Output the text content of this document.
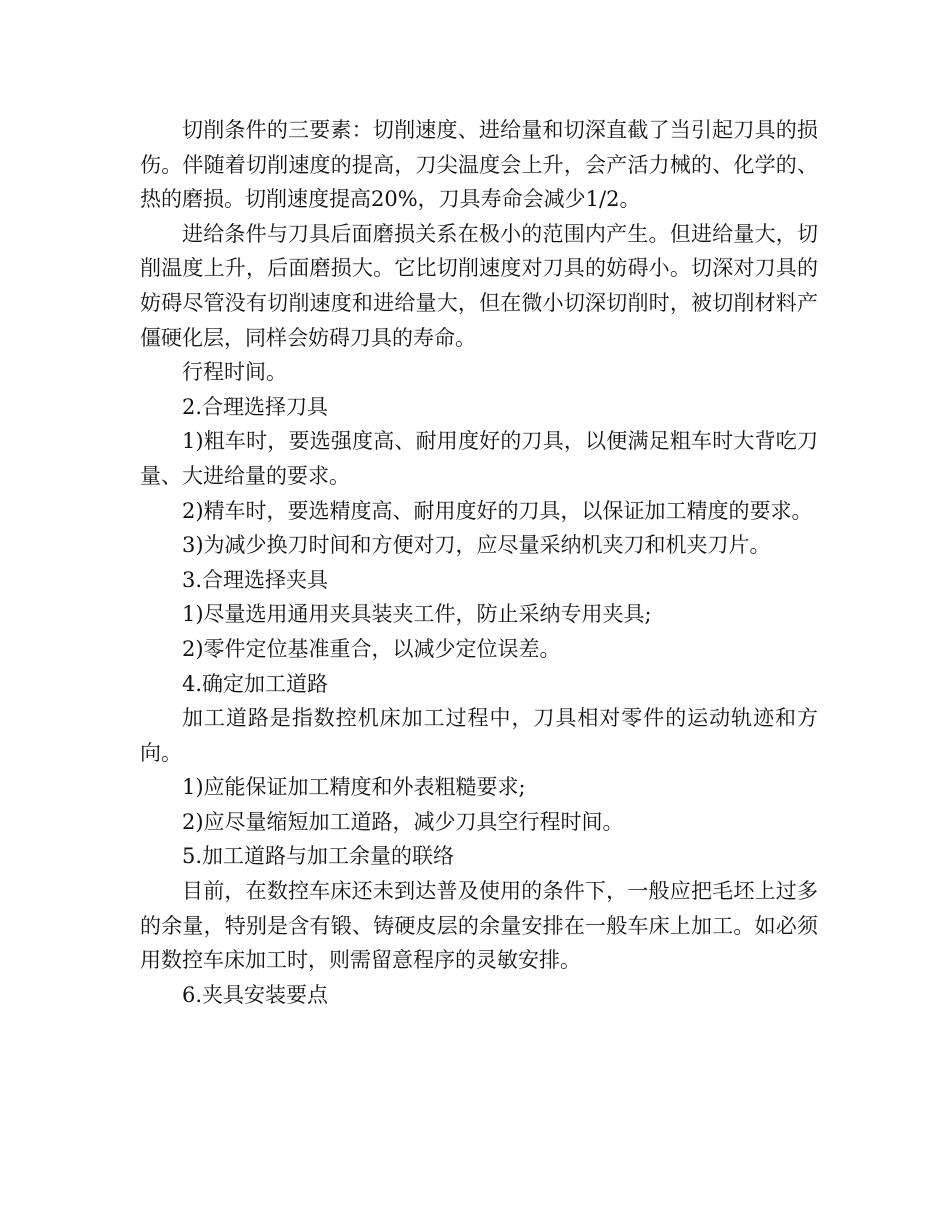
切削条件的三要素：切削速度、进给量和切深直截了当引起刀具的损伤。伴随着切削速度的提高，刀尖温度会上升，会产活力械的、化学的、热的磨损。切削速度提高20%，刀具寿命会减少1/2。

进给条件与刀具后面磨损关系在极小的范围内产生。但进给量大，切削温度上升，后面磨损大。它比切削速度对刀具的妨碍小。切深对刀具的妨碍尽管没有切削速度和进给量大，但在微小切深切削时，被切削材料产僵硬化层，同样会妨碍刀具的寿命。

行程时间。

2.合理选择刀具

1)粗车时，要选强度高、耐用度好的刀具，以便满足粗车时大背吃刀量、大进给量的要求。

2)精车时，要选精度高、耐用度好的刀具，以保证加工精度的要求。

3)为减少换刀时间和方便对刀，应尽量采纳机夹刀和机夹刀片。

3.合理选择夹具

1)尽量选用通用夹具装夹工件，防止采纳专用夹具;

2)零件定位基准重合，以减少定位误差。

4.确定加工道路

加工道路是指数控机床加工过程中，刀具相对零件的运动轨迹和方向。

1)应能保证加工精度和外表粗糙要求;

2)应尽量缩短加工道路，减少刀具空行程时间。

5.加工道路与加工余量的联络

目前，在数控车床还未到达普及使用的条件下，一般应把毛坯上过多的余量，特别是含有锻、铸硬皮层的余量安排在一般车床上加工。如必须用数控车床加工时，则需留意程序的灵敏安排。

6.夹具安装要点
